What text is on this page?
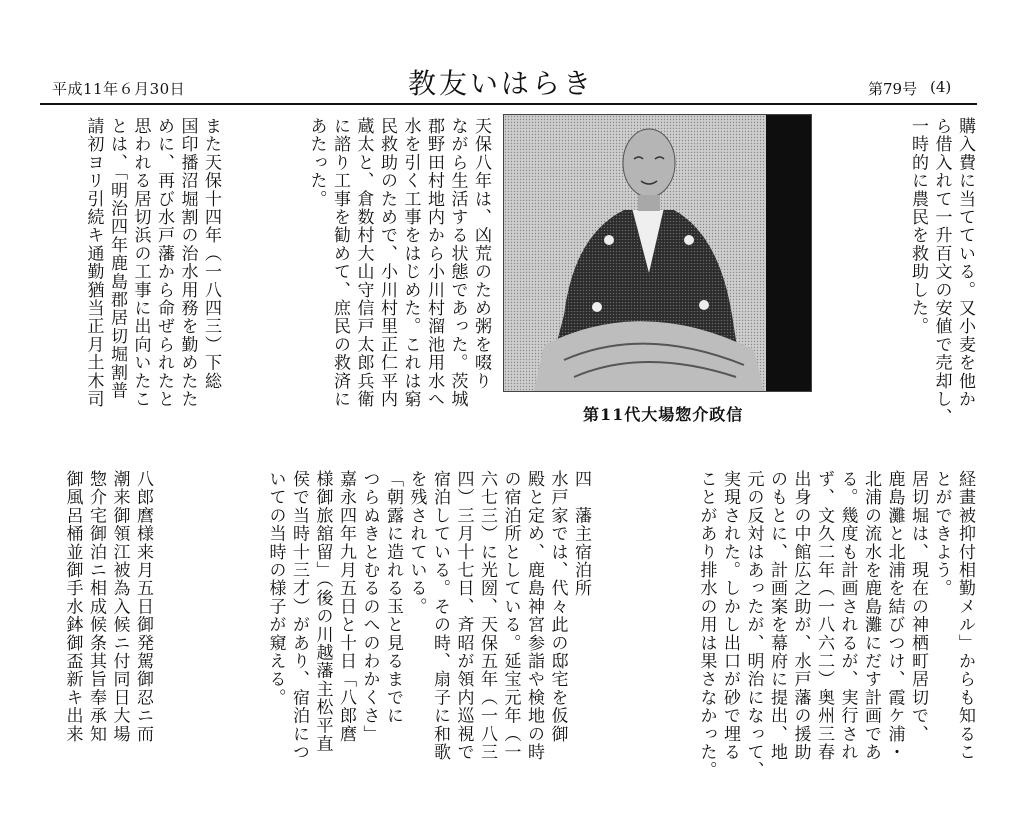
平成11年６月30日	教友いはらき	第79号 (4)

購入費に当てている。又小麦を他か

ら借入れて一升百文の安値で売却し、

一時的に農民を救助した。

第11代大場惣介政信

天保八年は、凶荒のため粥を啜り

ながら生活する状態であった。茨城

郡野田村地内から小川村溜池用水へ

水を引く工事をはじめた。これは窮

民救助のためで、小川村里正仁平内

蔵太と、倉数村大山守信戸太郎兵衛

に諮り工事を勧めて、庶民の救済に

あたった。

また天保十四年（一八四三）下総

国印播沼堀割の治水用務を勤めたた

めに、再び水戸藩から命ぜられたと

思われる居切浜の工事に出向いたこ

とは、「明治四年鹿島郡居切堀割普

請初ヨリ引続キ通勤猶当正月土木司

経畫被抑付相勤メル」からも知るこ

とができよう。

居切堀は、現在の神栖町居切で、

鹿島灘と北浦を結びつけ、霞ケ浦・

北浦の流水を鹿島灘にだす計画であ

る。幾度も計画されるが、実行され

ず、文久二年（一八六二）奥州三春

出身の中館広之助が、水戸藩の援助

のもとに、計画案を幕府に提出、地

元の反対はあったが、明治になって、

実現された。しかし出口が砂で埋る

ことがあり排水の用は果さなかった。

四　藩主宿泊所

水戸家では、代々此の邸宅を仮御

殿と定め、鹿島神宮参詣や検地の時

の宿泊所としている。延宝元年（一

六七三）に光圀、天保五年（一八三

四）三月十七日、斉昭が領内巡視で

宿泊している。その時、扇子に和歌

を残されている。

「朝露に造れる玉と見るまでに

つらぬきとむるのへのわかくさ」

嘉永四年九月五日と十日「八郎麿

様御旅舘留」（後の川越藩主松平直

侯で当時十三才）があり、宿泊につ

いての当時の様子が窺える。

八郎麿様来月五日御発駕御忍ニ而

潮来御領江被為入候ニ付同日大場

惣介宅御泊ニ相成候条其旨奉承知

御風呂桶並御手水鉢御盃新キ出来
